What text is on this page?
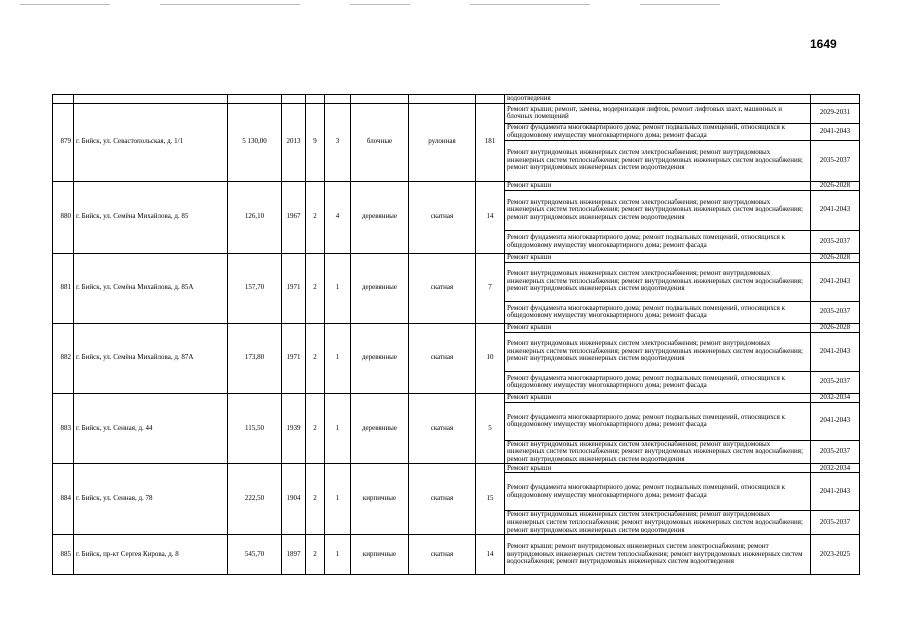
1649
									водоотведения	
879	г. Бийск, ул. Севастопольская, д. 1/1	5 130,00	2013	9	3	блочные	рулонная	181	Ремонт крыши; ремонт, замена, модернизация лифтов, ремонт лифтовых шахт, машинных и блочных помещений	2029-2031
									Ремонт фундамента многоквартирного дома; ремонт подвальных помещений, относящихся к общедомовому имуществу многоквартирного дома; ремонт фасада	2041-2043
									Ремонт внутридомовых инженерных систем электроснабжения; ремонт внутридомовых инженерных систем теплоснабжения; ремонт внутридомовых инженерных систем водоснабжения; ремонт внутридомовых инженерных систем водоотведения	2035-2037
880	г. Бийск, ул. Семёна Михайлова, д. 85	126,10	1967	2	4	деревянные	скатная	14	Ремонт крыши	2026-2028
									Ремонт внутридомовых инженерных систем электроснабжения; ремонт внутридомовых инженерных систем теплоснабжения; ремонт внутридомовых инженерных систем водоснабжения; ремонт внутридомовых инженерных систем водоотведения	2041-2043
									Ремонт фундамента многоквартирного дома; ремонт подвальных помещений, относящихся к общедомовому имуществу многоквартирного дома; ремонт фасада	2035-2037
881	г. Бийск, ул. Семёна Михайлова, д. 85А	157,70	1971	2	1	деревянные	скатная	7	Ремонт крыши	2026-2028
									Ремонт внутридомовых инженерных систем электроснабжения; ремонт внутридомовых инженерных систем теплоснабжения; ремонт внутридомовых инженерных систем водоснабжения; ремонт внутридомовых инженерных систем водоотведения	2041-2043
									Ремонт фундамента многоквартирного дома; ремонт подвальных помещений, относящихся к общедомовому имуществу многоквартирного дома; ремонт фасада	2035-2037
882	г. Бийск, ул. Семёна Михайлова, д. 87А	173,80	1971	2	1	деревянные	скатная	10	Ремонт крыши	2026-2028
									Ремонт внутридомовых инженерных систем электроснабжения; ремонт внутридомовых инженерных систем теплоснабжения; ремонт внутридомовых инженерных систем водоснабжения; ремонт внутридомовых инженерных систем водоотведения	2041-2043
									Ремонт фундамента многоквартирного дома; ремонт подвальных помещений, относящихся к общедомовому имуществу многоквартирного дома; ремонт фасада	2035-2037
883	г. Бийск, ул. Сенная, д. 44	115,50	1939	2	1	деревянные	скатная	5	Ремонт крыши	2032-2034
									Ремонт фундамента многоквартирного дома; ремонт подвальных помещений, относящихся к общедомовому имуществу многоквартирного дома; ремонт фасада	2041-2043
									Ремонт внутридомовых инженерных систем электроснабжения; ремонт внутридомовых инженерных систем теплоснабжения; ремонт внутридомовых инженерных систем водоснабжения; ремонт внутридомовых инженерных систем водоотведения	2035-2037
884	г. Бийск, ул. Сенная, д. 78	222,50	1904	2	1	кирпичные	скатная	15	Ремонт крыши	2032-2034
									Ремонт фундамента многоквартирного дома; ремонт подвальных помещений, относящихся к общедомовому имуществу многоквартирного дома; ремонт фасада	2041-2043
									Ремонт внутридомовых инженерных систем электроснабжения; ремонт внутридомовых инженерных систем теплоснабжения; ремонт внутридомовых инженерных систем водоснабжения; ремонт внутридомовых инженерных систем водоотведения	2035-2037
885	г. Бийск, пр-кт Сергея Кирова, д. 8	545,70	1897	2	1	кирпичные	скатная	14	Ремонт крыши; ремонт внутридомовых инженерных систем электроснабжения; ремонт внутридомовых инженерных систем теплоснабжения; ремонт внутридомовых инженерных систем водоснабжения; ремонт внутридомовых инженерных систем водоотведения	2023-2025
